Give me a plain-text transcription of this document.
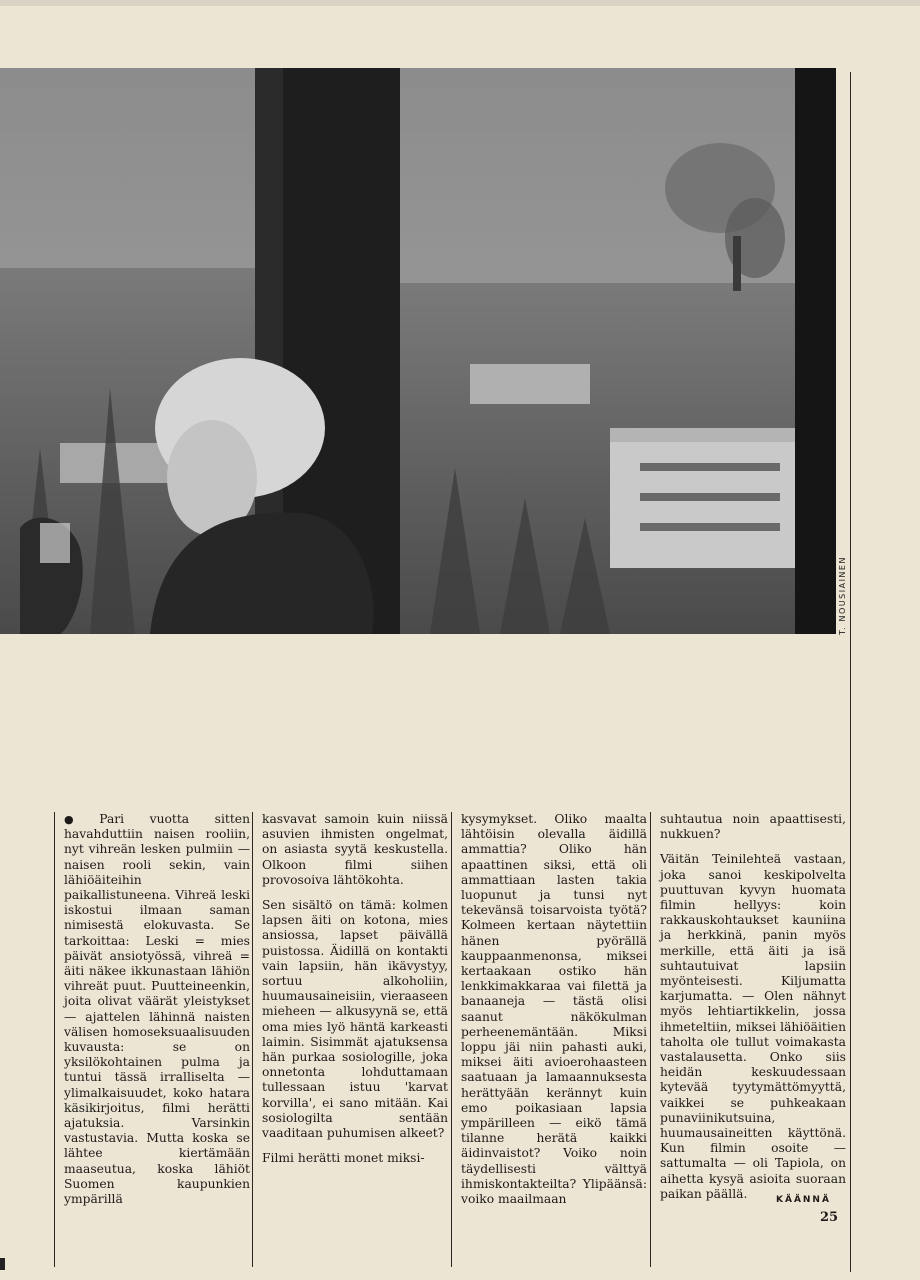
T. NOUSIAINEN

● Pari vuotta sitten havahduttiin naisen rooliin, nyt vihreän lesken pulmiin — naisen rooli sekin, vain lähiöäiteihin paikallistuneena. Vihreä leski iskostui ilmaan saman nimisestä elokuvasta. Se tarkoittaa: Leski = mies päivät ansiotyössä, vihreä = äiti näkee ikkunastaan lähiön vihreät puut. Puutteineenkin, joita olivat väärät yleistykset — ajattelen lähinnä naisten välisen homoseksuaalisuuden kuvausta: se on yksilökohtainen pulma ja tuntui tässä irralliselta — ylimalkaisuudet, koko hatara käsikirjoitus, filmi herätti ajatuksia. Varsinkin vastustavia. Mutta koska se lähtee kiertämään maaseutua, koska lähiöt Suomen kaupunkien ympärillä

kasvavat samoin kuin niissä asuvien ihmisten ongelmat, on asiasta syytä keskustella. Olkoon filmi siihen provosoiva lähtökohta.

Sen sisältö on tämä: kolmen lapsen äiti on kotona, mies ansiossa, lapset päivällä puistossa. Äidillä on kontakti vain lapsiin, hän ikävystyy, sortuu alkoholiin, huumausaineisiin, vieraaseen mieheen — alkusyynä se, että oma mies lyö häntä karkeasti laimin. Sisimmät ajatuksensa hän purkaa sosiologille, joka onnetonta lohduttamaan tullessaan istuu 'karvat korvilla', ei sano mitään. Kai sosiologilta sentään vaaditaan puhumisen alkeet?

Filmi herätti monet miksi-

kysymykset. Oliko maalta lähtöisin olevalla äidillä ammattia? Oliko hän apaattinen siksi, että oli ammattiaan lasten takia luopunut ja tunsi nyt tekevänsä toisarvoista työtä? Kolmeen kertaan näytettiin hänen pyörällä kauppaanmenonsa, miksei kertaakaan ostiko hän lenkkimakkaraa vai filettä ja banaaneja — tästä olisi saanut näkökulman perheenemäntään. Miksi loppu jäi niin pahasti auki, miksei äiti avioerohaasteen saatuaan ja lamaannuksesta herättyään kerännyt kuin emo poikasiaan lapsia ympärilleen — eikö tämä tilanne herätä kaikki äidinvaistot? Voiko noin täydellisesti välttyä ihmiskontakteilta? Ylipäänsä: voiko maailmaan

suhtautua noin apaattisesti, nukkuen?

Väitän Teinilehteä vastaan, joka sanoi keskipolvelta puuttuvan kyvyn huomata filmin hellyys: koin rakkauskohtaukset kauniina ja herkkinä, panin myös merkille, että äiti ja isä suhtautuivat lapsiin myönteisesti. Kiljumatta karjumatta. — Olen nähnyt myös lehtiartikkelin, jossa ihmeteltiin, miksei lähiöäitien taholta ole tullut voimakasta vastalausetta. Onko siis heidän keskuudessaan kytevää tyytymättömyyttä, vaikkei se puhkeakaan punaviinikutsuina, huumausaineitten käyttönä. Kun filmin osoite — sattumalta — oli Tapiola, on aihetta kysyä asioita suoraan paikan päällä.	KÄÄNNÄ
25
